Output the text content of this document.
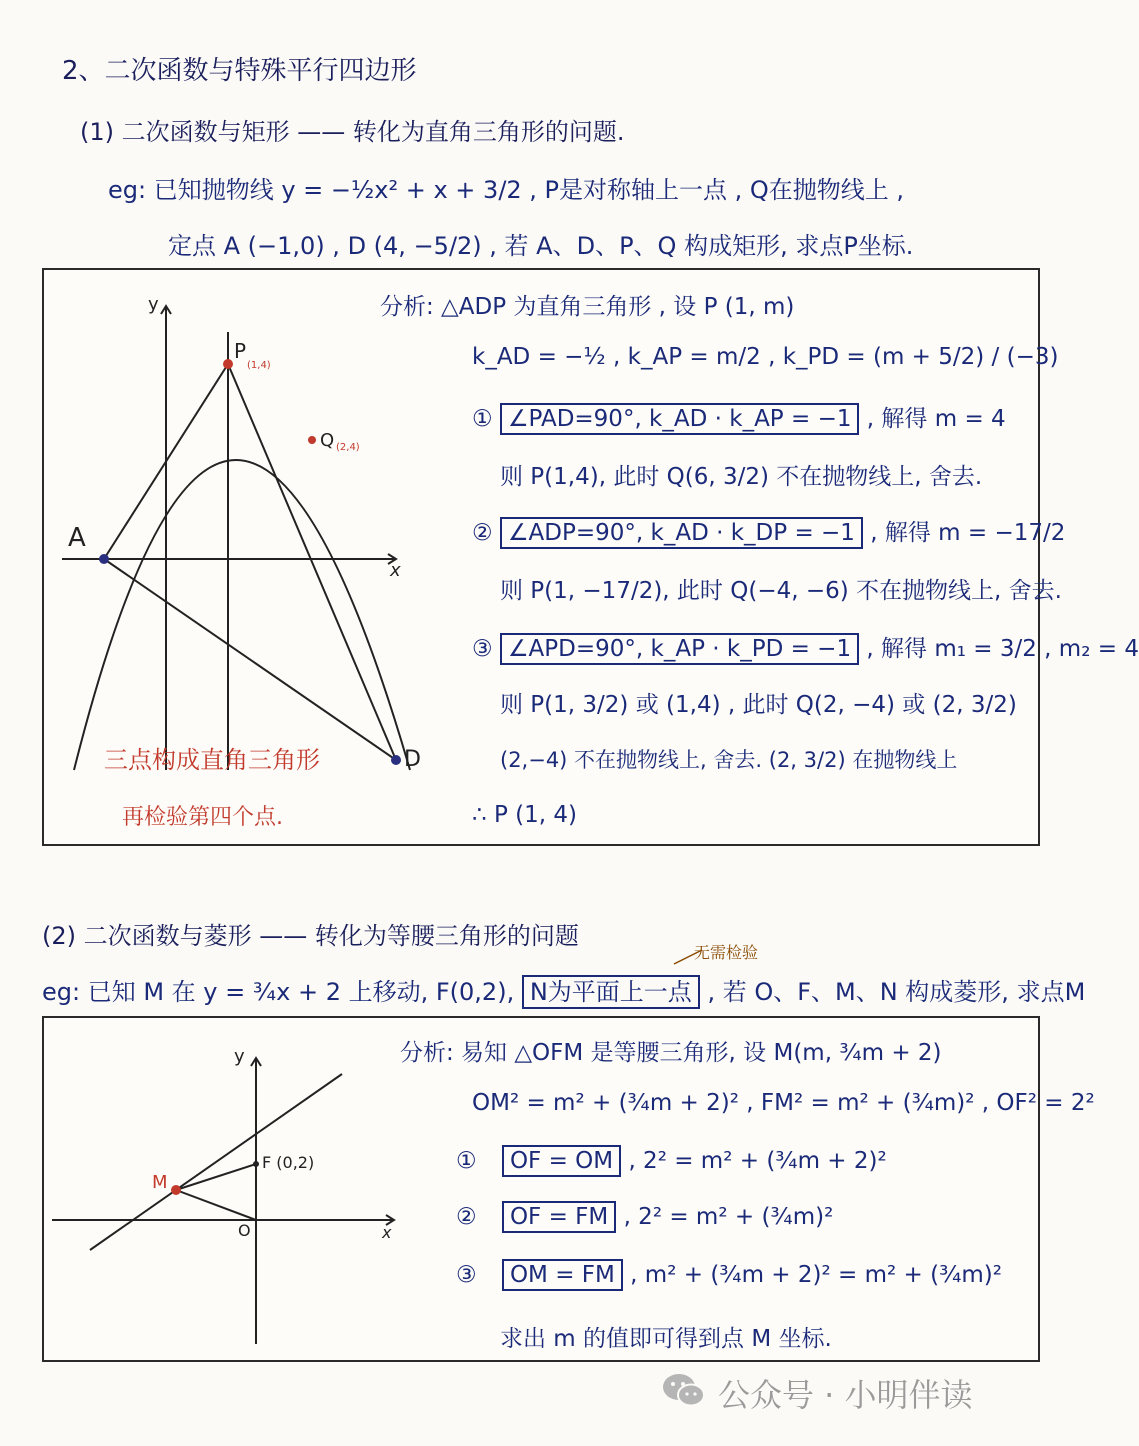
2、二次函数与特殊平行四边形
(1) 二次函数与矩形 —— 转化为直角三角形的问题.
eg: 已知抛物线 y = −½x² + x + 3/2 , P是对称轴上一点 , Q在抛物线上 ,
定点 A (−1,0) , D (4, −5/2) , 若 A、D、P、Q 构成矩形, 求点P坐标.
y
x
A
D
P
(1,4)
Q (2,4)
三点构成直角三角形
再检验第四个点.
分析: △ADP 为直角三角形 , 设 P (1, m)
k_AD = −½ , k_AP = m/2 , k_PD = (m + 5/2) / (−3)
① ∠PAD=90°, k_AD · k_AP = −1 , 解得 m = 4
则 P(1,4), 此时 Q(6, 3/2) 不在抛物线上, 舍去.
② ∠ADP=90°, k_AD · k_DP = −1 , 解得 m = −17/2
则 P(1, −17/2), 此时 Q(−4, −6) 不在抛物线上, 舍去.
③ ∠APD=90°, k_AP · k_PD = −1 , 解得 m₁ = 3/2 , m₂ = 4
则 P(1, 3/2) 或 (1,4) , 此时 Q(2, −4) 或 (2, 3/2)
(2,−4) 不在抛物线上, 舍去. (2, 3/2) 在抛物线上
∴ P (1, 4)
(2) 二次函数与菱形 —— 转化为等腰三角形的问题
无需检验
eg: 已知 M 在 y = ¾x + 2 上移动, F(0,2), N为平面上一点 , 若 O、F、M、N 构成菱形, 求点M
y
x
O
M
F (0,2)
分析: 易知 △OFM 是等腰三角形, 设 M(m, ¾m + 2)
OM² = m² + (¾m + 2)² , FM² = m² + (¾m)² , OF² = 2²
① OF = OM , 2² = m² + (¾m + 2)²
② OF = FM , 2² = m² + (¾m)²
③ OM = FM , m² + (¾m + 2)² = m² + (¾m)²
求出 m 的值即可得到点 M 坐标.
公众号 · 小明伴读
